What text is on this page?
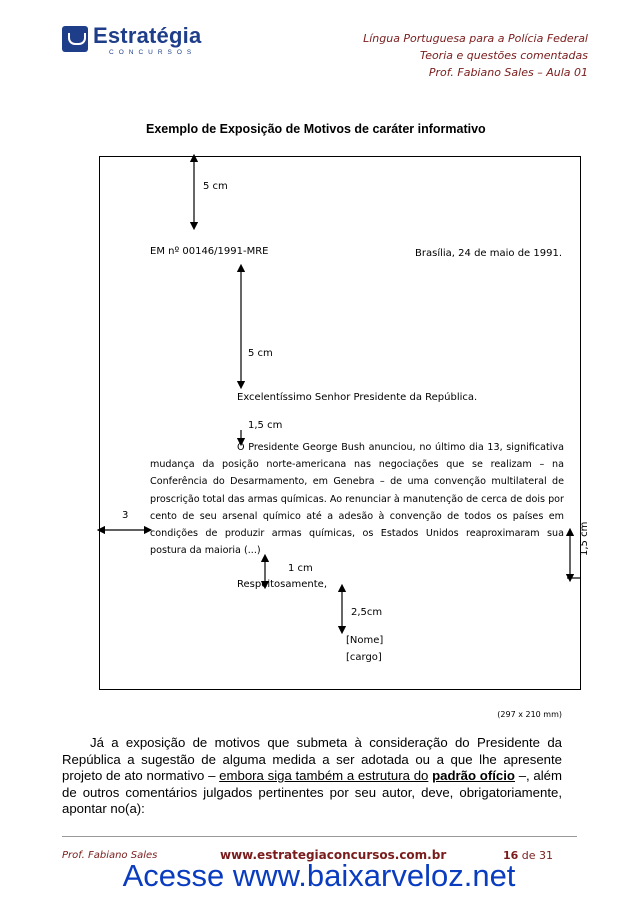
Estratégia
CONCURSOS
Língua Portuguesa para a Polícia Federal
Teoria e questões comentadas
Prof. Fabiano Sales – Aula 01
Exemplo de Exposição de Motivos de caráter informativo
5 cm
EM nº 00146/1991-MRE	Brasília, 24 de maio de 1991.
5 cm
Excelentíssimo Senhor Presidente da República.
1,5 cm
O Presidente George Bush anunciou, no último dia 13, significativa mudança da posição norte-americana nas negociações que se realizam – na Conferência do Desarmamento, em Genebra – de uma convenção multilateral de proscrição total das armas químicas. Ao renunciar à manutenção de cerca de dois por cento de seu arsenal químico até a adesão à convenção de todos os países em condições de produzir armas químicas, os Estados Unidos reaproximaram sua postura da maioria (...)
3
1,5 cm
1 cm
Respeitosamente,
2,5cm
[Nome]
[cargo]
(297 x 210 mm)
Já a exposição de motivos que submeta à consideração do Presidente da República a sugestão de alguma medida a ser adotada ou a que lhe apresente projeto de ato normativo – embora siga também a estrutura do padrão ofício –, além de outros comentários julgados pertinentes por seu autor, deve, obrigatoriamente, apontar no(a):
Prof. Fabiano Sales	www.estrategiaconcursos.com.br	16 de 31
Acesse www.baixarveloz.net
